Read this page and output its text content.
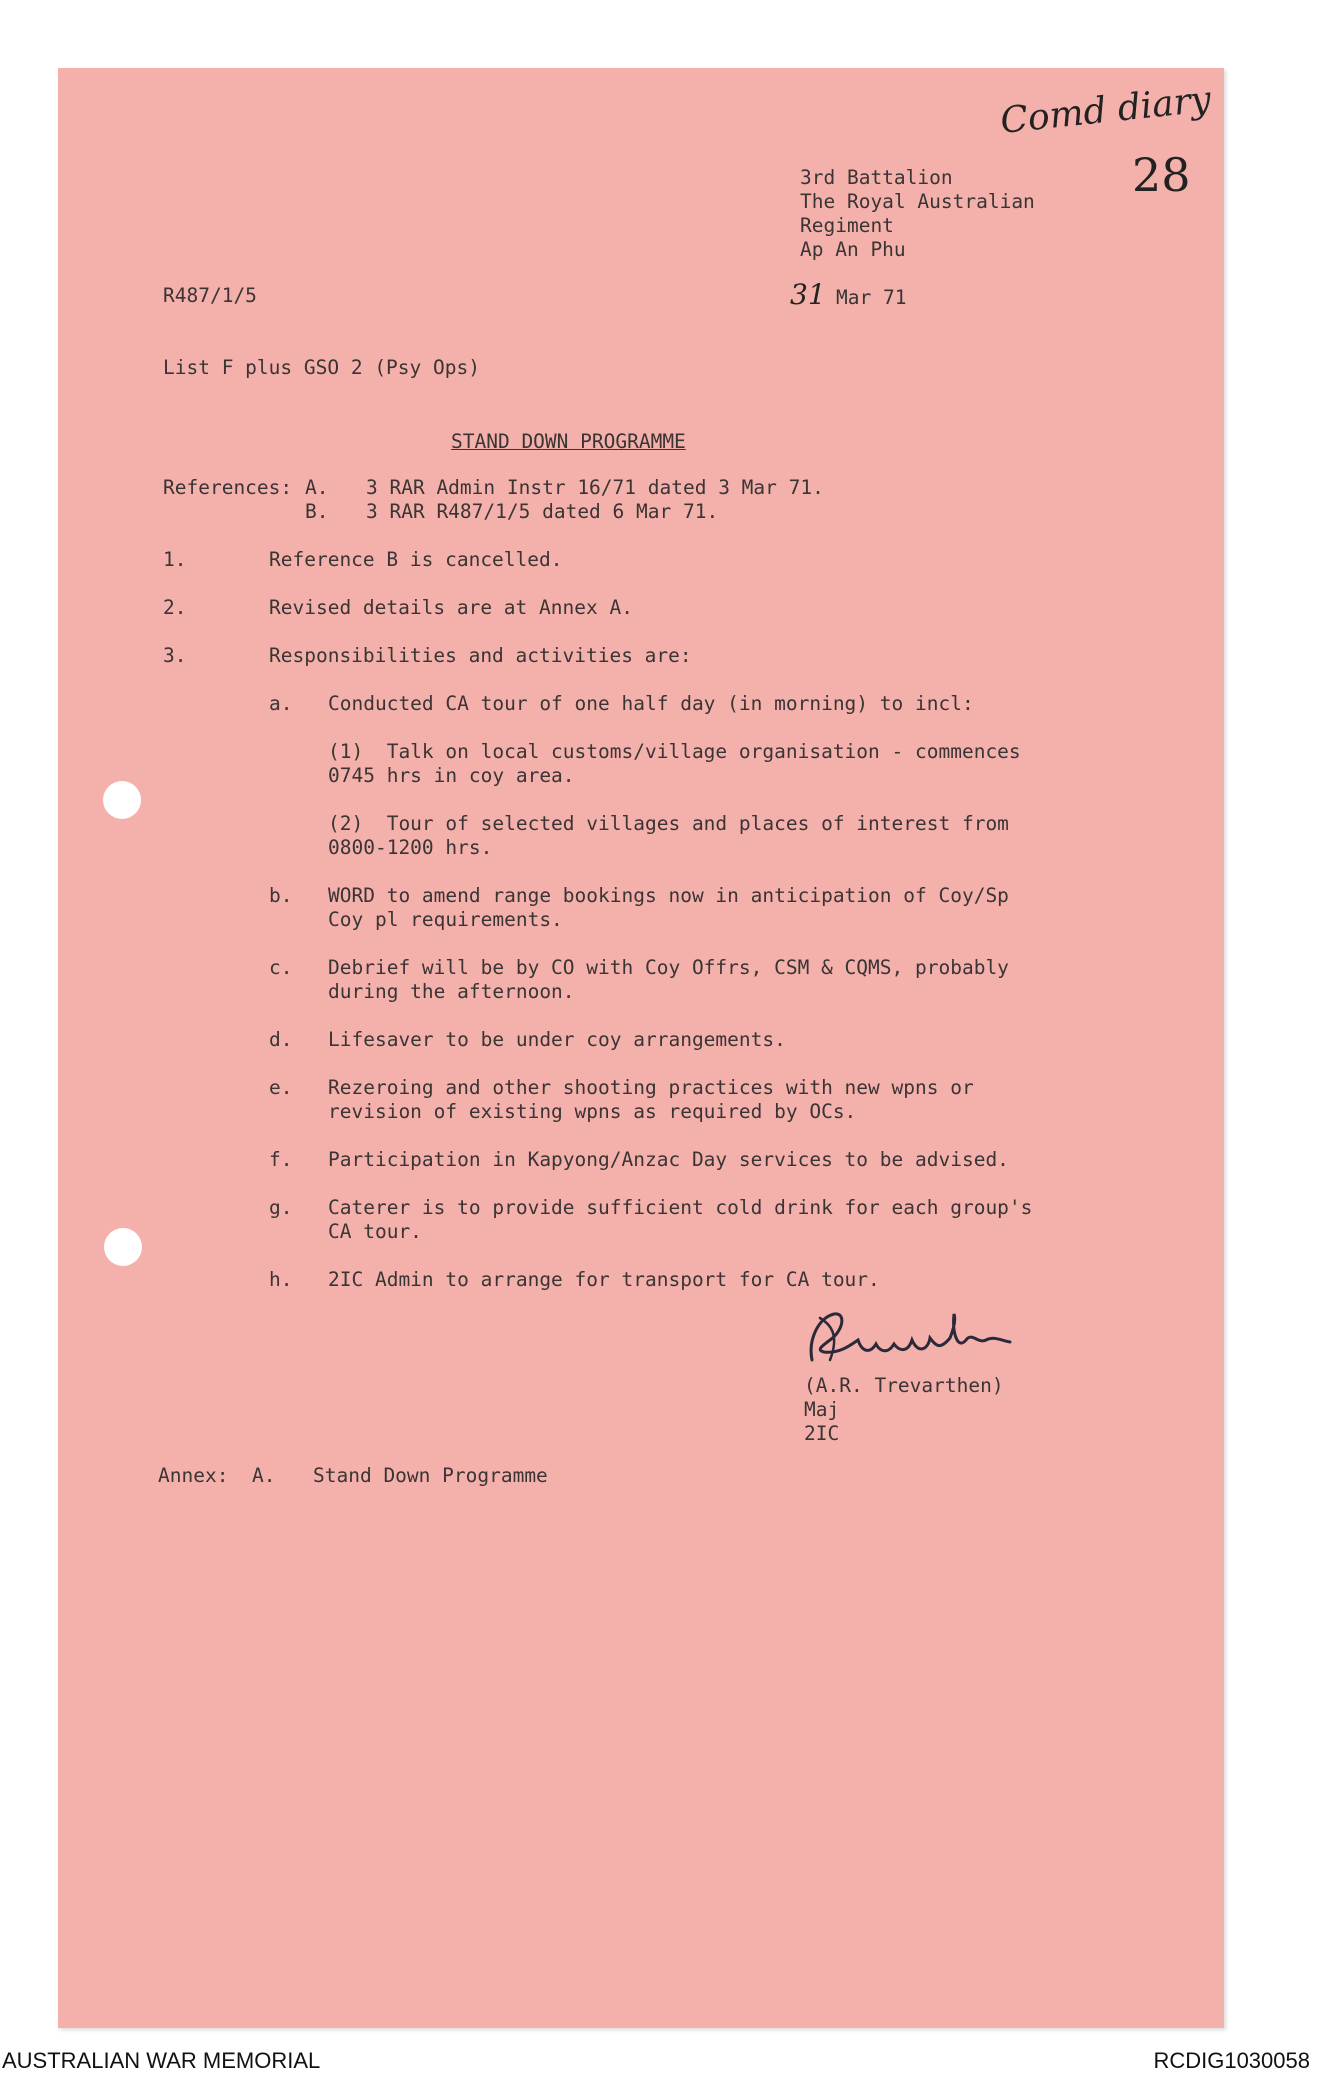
Comd diary
28
3rd Battalion
The Royal Australian
Regiment
Ap An Phu
R487/1/5	31 Mar 71
List F plus GSO 2 (Psy Ops)
STAND DOWN PROGRAMME
References: A. 3 RAR Admin Instr 16/71 dated 3 Mar 71.
B. 3 RAR R487/1/5 dated 6 Mar 71.
1.	Reference B is cancelled.
2.	Revised details are at Annex A.
3.	Responsibilities and activities are:
a. Conducted CA tour of one half day (in morning) to incl:
(1)  Talk on local customs/village organisation - commences
0745 hrs in coy area.
(2)  Tour of selected villages and places of interest from
0800-1200 hrs.
b. WORD to amend range bookings now in anticipation of Coy/Sp
Coy pl requirements.
c. Debrief will be by CO with Coy Offrs, CSM & CQMS, probably
during the afternoon.
d. Lifesaver to be under coy arrangements.
e. Rezeroing and other shooting practices with new wpns or
revision of existing wpns as required by OCs.
f. Participation in Kapyong/Anzac Day services to be advised.
g. Caterer is to provide sufficient cold drink for each group's
CA tour.
h. 2IC Admin to arrange for transport for CA tour.
(A.R. Trevarthen)
Maj
2IC
Annex: A. Stand Down Programme
AUSTRALIAN WAR MEMORIAL	RCDIG1030058
